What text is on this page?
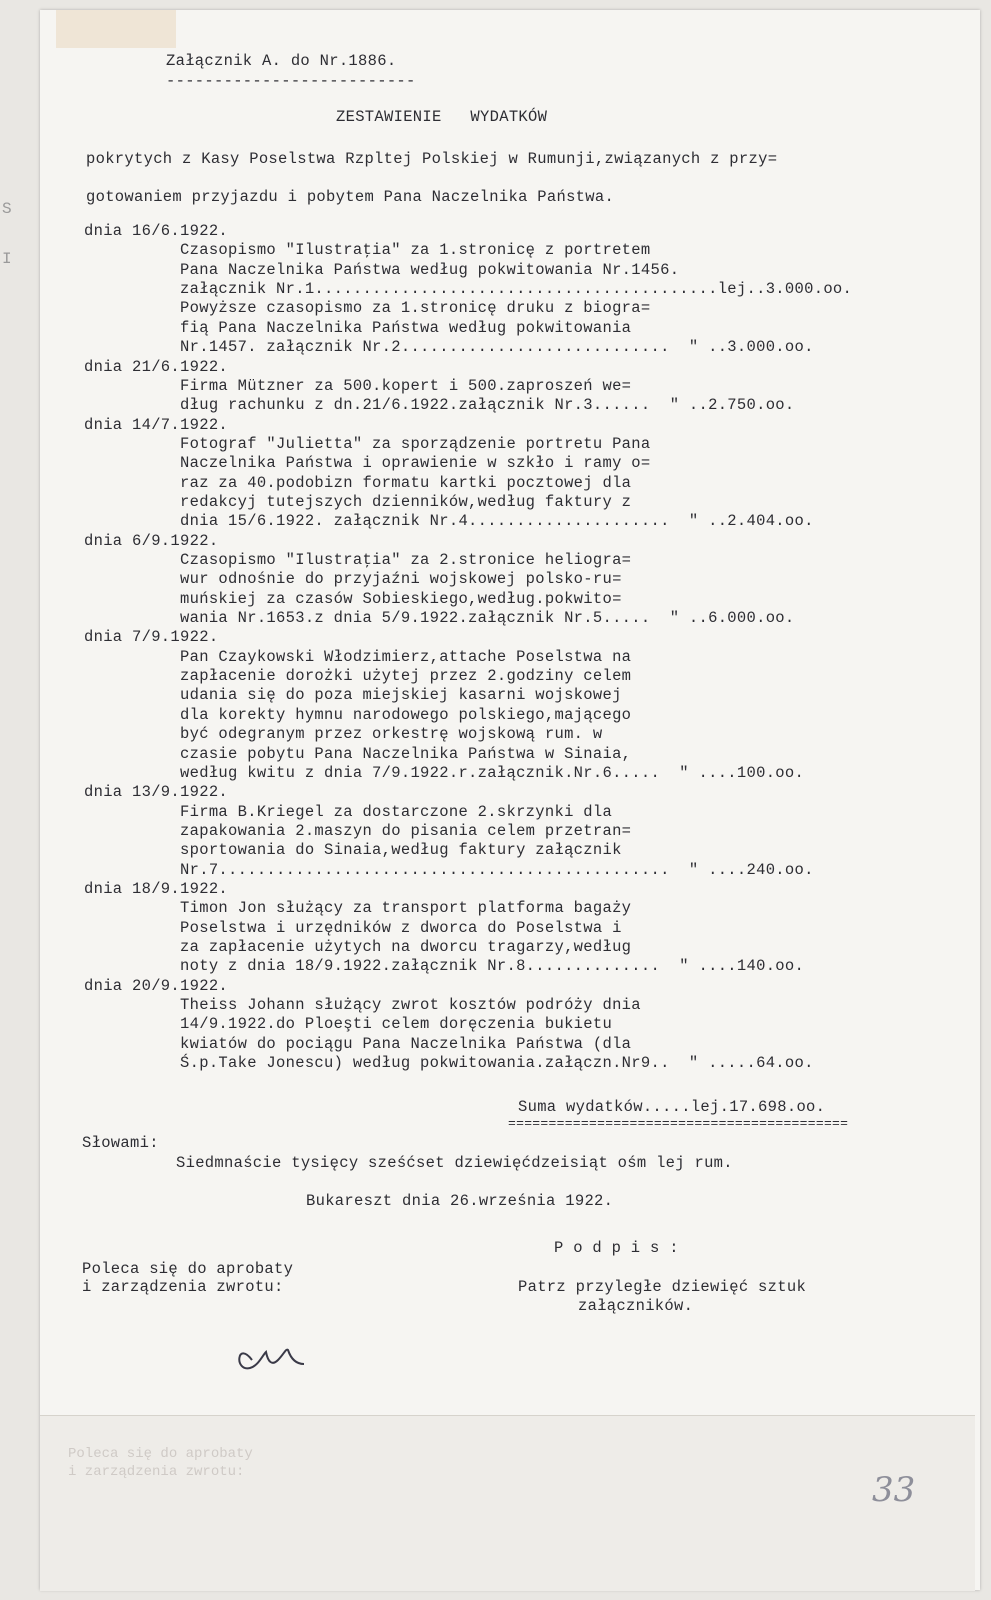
S
I
Załącznik A. do Nr.1886.
--------------------------
ZESTAWIENIE   WYDATKÓW
pokrytych z Kasy Poselstwa Rzpltej Polskiej w Rumunji,związanych z przy=
gotowaniem przyjazdu i pobytem Pana Naczelnika Państwa.
dnia 16/6.1922.
Czasopismo "Ilustraţia" za 1.stronicę z portretem
Pana Naczelnika Państwa według pokwitowania Nr.1456.
załącznik Nr.1..........................................lej..3.000.oo.
Powyższe czasopismo za 1.stronicę druku z biogra=
fią Pana Naczelnika Państwa według pokwitowania
Nr.1457. załącznik Nr.2............................  " ..3.000.oo.
dnia 21/6.1922.
Firma Mützner za 500.kopert i 500.zaproszeń we=
dług rachunku z dn.21/6.1922.załącznik Nr.3......  " ..2.750.oo.
dnia 14/7.1922.
Fotograf "Julietta" za sporządzenie portretu Pana
Naczelnika Państwa i oprawienie w szkło i ramy o=
raz za 40.podobizn formatu kartki pocztowej dla
redakcyj tutejszych dzienników,według faktury z
dnia 15/6.1922. załącznik Nr.4.....................  " ..2.404.oo.
dnia 6/9.1922.
Czasopismo "Ilustraţia" za 2.stronice heliogra=
wur odnośnie do przyjaźni wojskowej polsko-ru=
muńskiej za czasów Sobieskiego,według.pokwito=
wania Nr.1653.z dnia 5/9.1922.załącznik Nr.5.....  " ..6.000.oo.
dnia 7/9.1922.
Pan Czaykowski Włodzimierz,attache Poselstwa na
zapłacenie dorożki użytej przez 2.godziny celem
udania się do poza miejskiej kasarni wojskowej
dla korekty hymnu narodowego polskiego,mającego
być odegranym przez orkestrę wojskową rum. w
czasie pobytu Pana Naczelnika Państwa w Sinaia,
według kwitu z dnia 7/9.1922.r.załącznik.Nr.6.....  " ....100.oo.
dnia 13/9.1922.
Firma B.Kriegel za dostarczone 2.skrzynki dla
zapakowania 2.maszyn do pisania celem przetran=
sportowania do Sinaia,według faktury załącznik
Nr.7...............................................  " ....240.oo.
dnia 18/9.1922.
Timon Jon służący za transport platforma bagaży
Poselstwa i urzędników z dworca do Poselstwa i
za zapłacenie użytych na dworcu tragarzy,według
noty z dnia 18/9.1922.załącznik Nr.8..............  " ....140.oo.
dnia 20/9.1922.
Theiss Johann służący zwrot kosztów podróży dnia
14/9.1922.do Ploeşti celem doręczenia bukietu
kwiatów do pociągu Pana Naczelnika Państwa (dla
Ś.p.Take Jonescu) według pokwitowania.załączn.Nr9..  " .....64.oo.
Suma wydatków.....lej.17.698.oo.
==========================================
Słowami:
Siedmnaście tysięcy sześćset dziewięćdzeisiąt ośm lej rum.
Bukareszt dnia 26.września 1922.
P o d p i s :
Poleca się do aprobaty
i zarządzenia zwrotu:	Patrz przyległe dziewięć sztuk
załączników.
Poleca się do aprobaty
i zarządzenia zwrotu:	33
